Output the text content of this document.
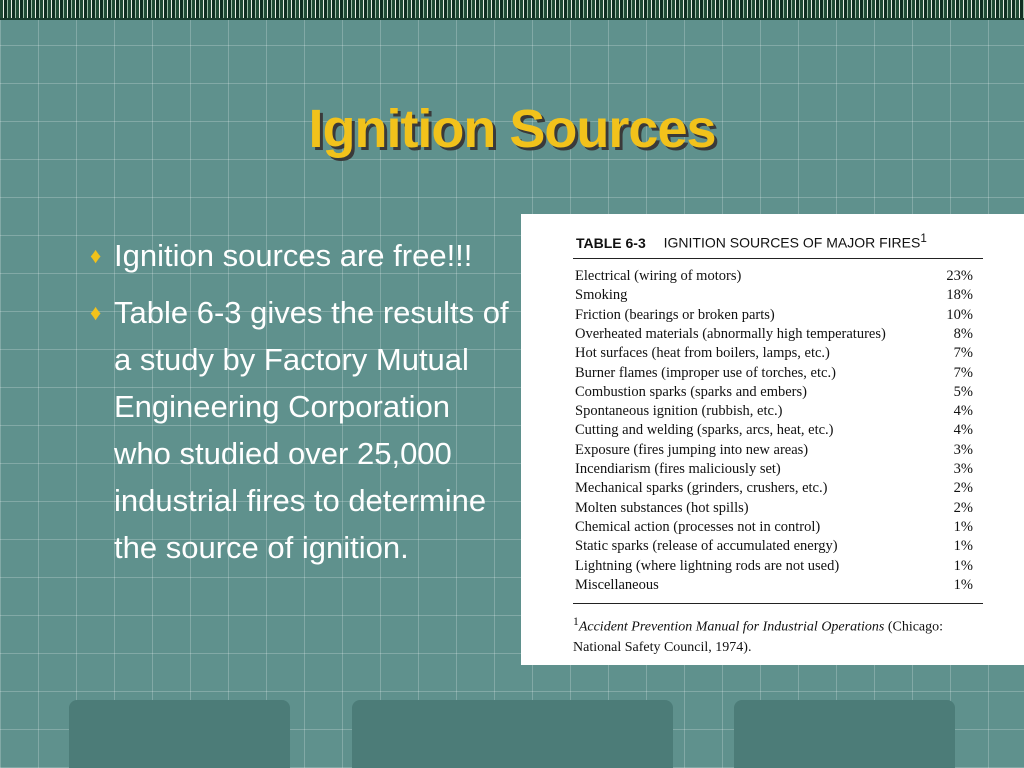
Ignition Sources
♦ Ignition sources are free!!!
♦ Table 6-3 gives the results of a study by Factory Mutual Engineering Corporation who studied over 25,000 industrial fires to determine the source of ignition.
TABLE 6-3 IGNITION SOURCES OF MAJOR FIRES$^1$
Electrical (wiring of motors)	23%
Smoking	18%
Friction (bearings or broken parts)	10%
Overheated materials (abnormally high temperatures)	8%
Hot surfaces (heat from boilers, lamps, etc.)	7%
Burner flames (improper use of torches, etc.)	7%
Combustion sparks (sparks and embers)	5%
Spontaneous ignition (rubbish, etc.)	4%
Cutting and welding (sparks, arcs, heat, etc.)	4%
Exposure (fires jumping into new areas)	3%
Incendiarism (fires maliciously set)	3%
Mechanical sparks (grinders, crushers, etc.)	2%
Molten substances (hot spills)	2%
Chemical action (processes not in control)	1%
Static sparks (release of accumulated energy)	1%
Lightning (where lightning rods are not used)	1%
Miscellaneous	1%
$^1$Accident Prevention Manual for Industrial Operations (Chicago: National Safety Council, 1974).
